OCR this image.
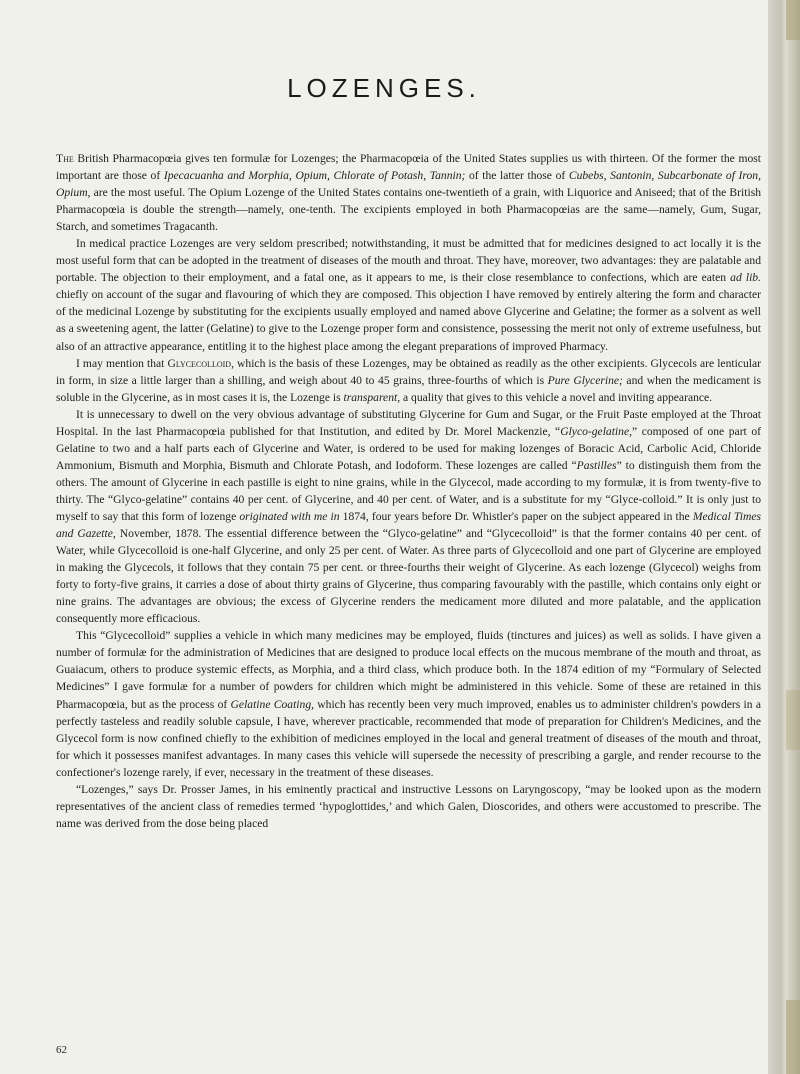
LOZENGES.

The British Pharmacopœia gives ten formulæ for Lozenges; the Pharmacopœia of the United States supplies us with thirteen. Of the former the most important are those of Ipecacuanha and Morphia, Opium, Chlorate of Potash, Tannin; of the latter those of Cubebs, Santonin, Subcarbonate of Iron, Opium, are the most useful. The Opium Lozenge of the United States contains one-twentieth of a grain, with Liquorice and Aniseed; that of the British Pharmacopœia is double the strength—namely, one-tenth. The excipients employed in both Pharmacopœias are the same—namely, Gum, Sugar, Starch, and sometimes Tragacanth.

In medical practice Lozenges are very seldom prescribed; notwithstanding, it must be admitted that for medicines designed to act locally it is the most useful form that can be adopted in the treatment of diseases of the mouth and throat. They have, moreover, two advantages: they are palatable and portable. The objection to their employment, and a fatal one, as it appears to me, is their close resemblance to confections, which are eaten ad lib. chiefly on account of the sugar and flavouring of which they are composed. This objection I have removed by entirely altering the form and character of the medicinal Lozenge by substituting for the excipients usually employed and named above Glycerine and Gelatine; the former as a solvent as well as a sweetening agent, the latter (Gelatine) to give to the Lozenge proper form and consistence, possessing the merit not only of extreme usefulness, but also of an attractive appearance, entitling it to the highest place among the elegant preparations of improved Pharmacy.

I may mention that Glycecolloid, which is the basis of these Lozenges, may be obtained as readily as the other excipients. Glycecols are lenticular in form, in size a little larger than a shilling, and weigh about 40 to 45 grains, three-fourths of which is Pure Glycerine; and when the medicament is soluble in the Glycerine, as in most cases it is, the Lozenge is transparent, a quality that gives to this vehicle a novel and inviting appearance.

It is unnecessary to dwell on the very obvious advantage of substituting Glycerine for Gum and Sugar, or the Fruit Paste employed at the Throat Hospital. In the last Pharmacopœia published for that Institution, and edited by Dr. Morel Mackenzie, “Glyco-gelatine,” composed of one part of Gelatine to two and a half parts each of Glycerine and Water, is ordered to be used for making lozenges of Boracic Acid, Carbolic Acid, Chloride Ammonium, Bismuth and Morphia, Bismuth and Chlorate Potash, and Iodoform. These lozenges are called “Pastilles” to distinguish them from the others. The amount of Glycerine in each pastille is eight to nine grains, while in the Glycecol, made according to my formulæ, it is from twenty-five to thirty. The “Glyco-gelatine” contains 40 per cent. of Glycerine, and 40 per cent. of Water, and is a substitute for my “Glyce-colloid.” It is only just to myself to say that this form of lozenge originated with me in 1874, four years before Dr. Whistler's paper on the subject appeared in the Medical Times and Gazette, November, 1878. The essential difference between the “Glyco-gelatine” and “Glycecolloid” is that the former contains 40 per cent. of Water, while Glycecolloid is one-half Glycerine, and only 25 per cent. of Water. As three parts of Glycecolloid and one part of Glycerine are employed in making the Glycecols, it follows that they contain 75 per cent. or three-fourths their weight of Glycerine. As each lozenge (Glycecol) weighs from forty to forty-five grains, it carries a dose of about thirty grains of Glycerine, thus comparing favourably with the pastille, which contains only eight or nine grains. The advantages are obvious; the excess of Glycerine renders the medicament more diluted and more palatable, and the application consequently more efficacious.

This “Glycecolloid” supplies a vehicle in which many medicines may be employed, fluids (tinctures and juices) as well as solids. I have given a number of formulæ for the administration of Medicines that are designed to produce local effects on the mucous membrane of the mouth and throat, as Guaiacum, others to produce systemic effects, as Morphia, and a third class, which produce both. In the 1874 edition of my “Formulary of Selected Medicines” I gave formulæ for a number of powders for children which might be administered in this vehicle. Some of these are retained in this Pharmacopœia, but as the process of Gelatine Coating, which has recently been very much improved, enables us to administer children's powders in a perfectly tasteless and readily soluble capsule, I have, wherever practicable, recommended that mode of preparation for Children's Medicines, and the Glycecol form is now confined chiefly to the exhibition of medicines employed in the local and general treatment of diseases of the mouth and throat, for which it possesses manifest advantages. In many cases this vehicle will supersede the necessity of prescribing a gargle, and render recourse to the confectioner's lozenge rarely, if ever, necessary in the treatment of these diseases.

“Lozenges,” says Dr. Prosser James, in his eminently practical and instructive Lessons on Laryngoscopy, “may be looked upon as the modern representatives of the ancient class of remedies termed ‘hypoglottides,’ and which Galen, Dioscorides, and others were accustomed to prescribe. The name was derived from the dose being placed

62
